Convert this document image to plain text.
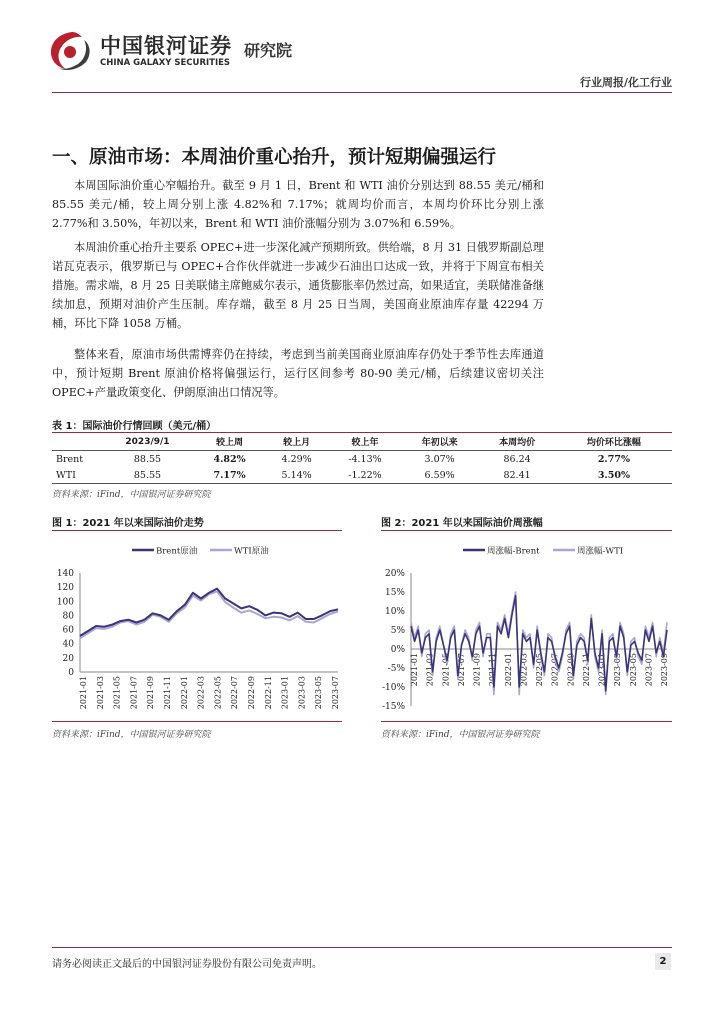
中国银河证券
CHINA GALAXY SECURITIES
研究院
行业周报/化工行业
一、原油市场：本周油价重心抬升，预计短期偏强运行
本周国际油价重心窄幅抬升。截至 9 月 1 日，Brent 和 WTI 油价分别达到 88.55 美元/桶和 85.55 美元/桶，较上周分别上涨 4.82%和 7.17%；就周均价而言，本周均价环比分别上涨 2.77%和 3.50%，年初以来，Brent 和 WTI 油价涨幅分别为 3.07%和 6.59%。
本周油价重心抬升主要系 OPEC+进一步深化减产预期所致。供给端，8 月 31 日俄罗斯副总理诺瓦克表示，俄罗斯已与 OPEC+合作伙伴就进一步减少石油出口达成一致，并将于下周宣布相关措施。需求端，8 月 25 日美联储主席鲍威尔表示，通货膨胀率仍然过高，如果适宜，美联储准备继续加息，预期对油价产生压制。库存端，截至 8 月 25 日当周，美国商业原油库存量 42294 万桶，环比下降 1058 万桶。
整体来看，原油市场供需博弈仍在持续，考虑到当前美国商业原油库存仍处于季节性去库通道中，预计短期 Brent 原油价格将偏强运行，运行区间参考 80-90 美元/桶，后续建议密切关注 OPEC+产量政策变化、伊朗原油出口情况等。
表 1：国际油价行情回顾（美元/桶）
	2023/9/1	较上周	较上月	较上年	年初以来	本周均价	均价环比涨幅
Brent	88.55	4.82%	4.29%	-4.13%	3.07%	86.24	2.77%
WTI	85.55	7.17%	5.14%	-1.22%	6.59%	82.41	3.50%
资料来源：iFind，中国银河证券研究院
图 1：2021 年以来国际油价走势	图 2：2021 年以来国际油价周涨幅
Brent原油	WTI原油
140
120
100
80
60
40
20
0
2021-01 2021-03 2021-05 2021-07 2021-09 2021-11 2022-01 2022-03 2022-05 2022-07 2022-09 2022-11 2023-01 2023-03 2023-05 2023-07
周涨幅-Brent	周涨幅-WTI
20%
15%
10%
5%
0%
-5%
-10%
-15%
2021-01 2021-03 2021-05 2021-07 2021-09 2021-11 2022-01 2022-03 2022-05 2022-07 2022-09 2022-11 2023-01 2023-03 2023-05 2023-07 2023-09
资料来源：iFind，中国银河证券研究院	资料来源：iFind，中国银河证券研究院
请务必阅读正文最后的中国银河证券股份有限公司免责声明。	2
